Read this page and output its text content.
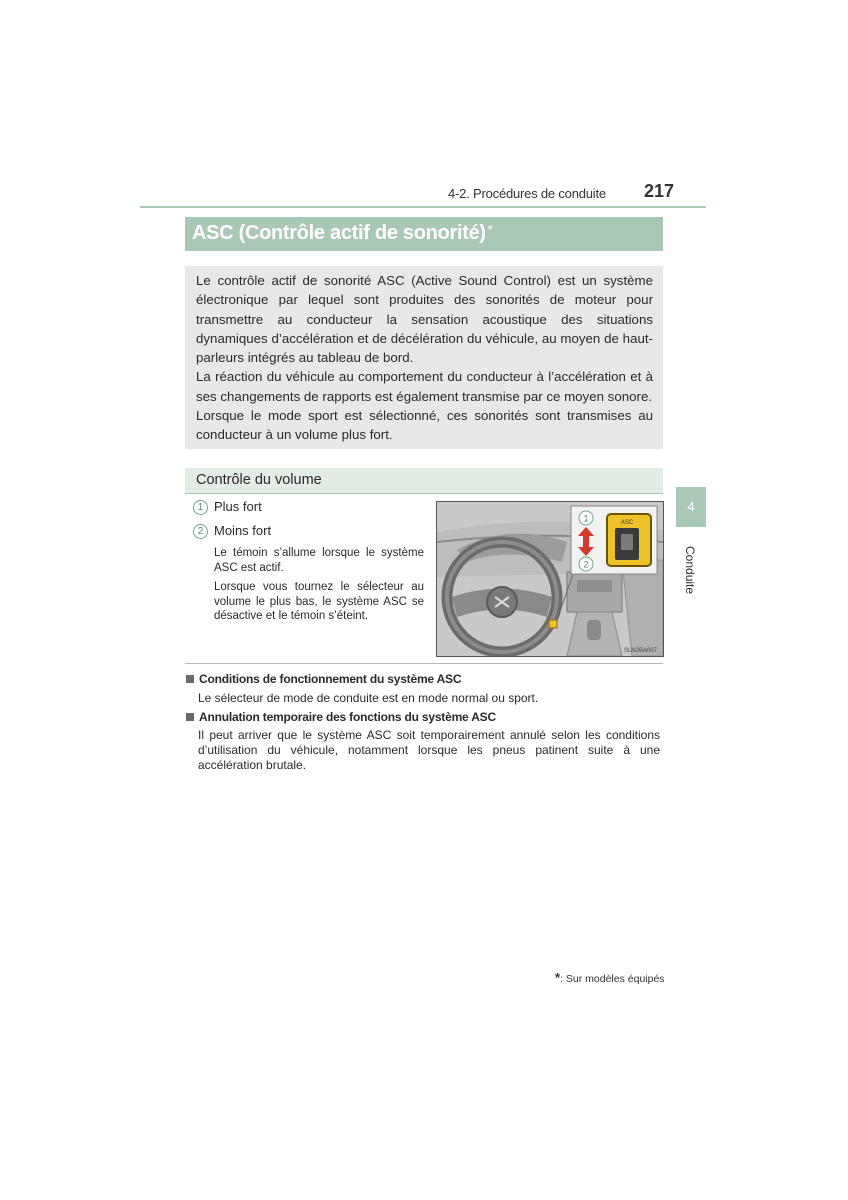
4-2. Procédures de conduite 217
ASC (Contrôle actif de sonorité) *

Le contrôle actif de sonorité ASC (Active Sound Control) est un système électronique par lequel sont produites des sonorités de moteur pour transmettre au conducteur la sensation acoustique des situations dynamiques d’accélération et de décélération du véhicule, au moyen de haut-parleurs intégrés au tableau de bord.

La réaction du véhicule au comportement du conducteur à l’accélération et à ses changements de rapports est également transmise par ce moyen sonore.

Lorsque le mode sport est sélectionné, ces sonorités sont transmises au conducteur à un volume plus fort.

Contrôle du volume
1 Plus fort
2 Moins fort
Le témoin s’allume lorsque le système ASC est actif.
Lorsque vous tournez le sélecteur au volume le plus bas, le système ASC se désactive et le témoin s’éteint.
ASC
1
2
SLN2BA007
Conditions de fonctionnement du système ASC
Le sélecteur de mode de conduite est en mode normal ou sport.
Annulation temporaire des fonctions du système ASC
Il peut arriver que le système ASC soit temporairement annulé selon les conditions d’utilisation du véhicule, notamment lorsque les pneus patinent suite à une accélération brutale.
4
Conduite
*: Sur modèles équipés
